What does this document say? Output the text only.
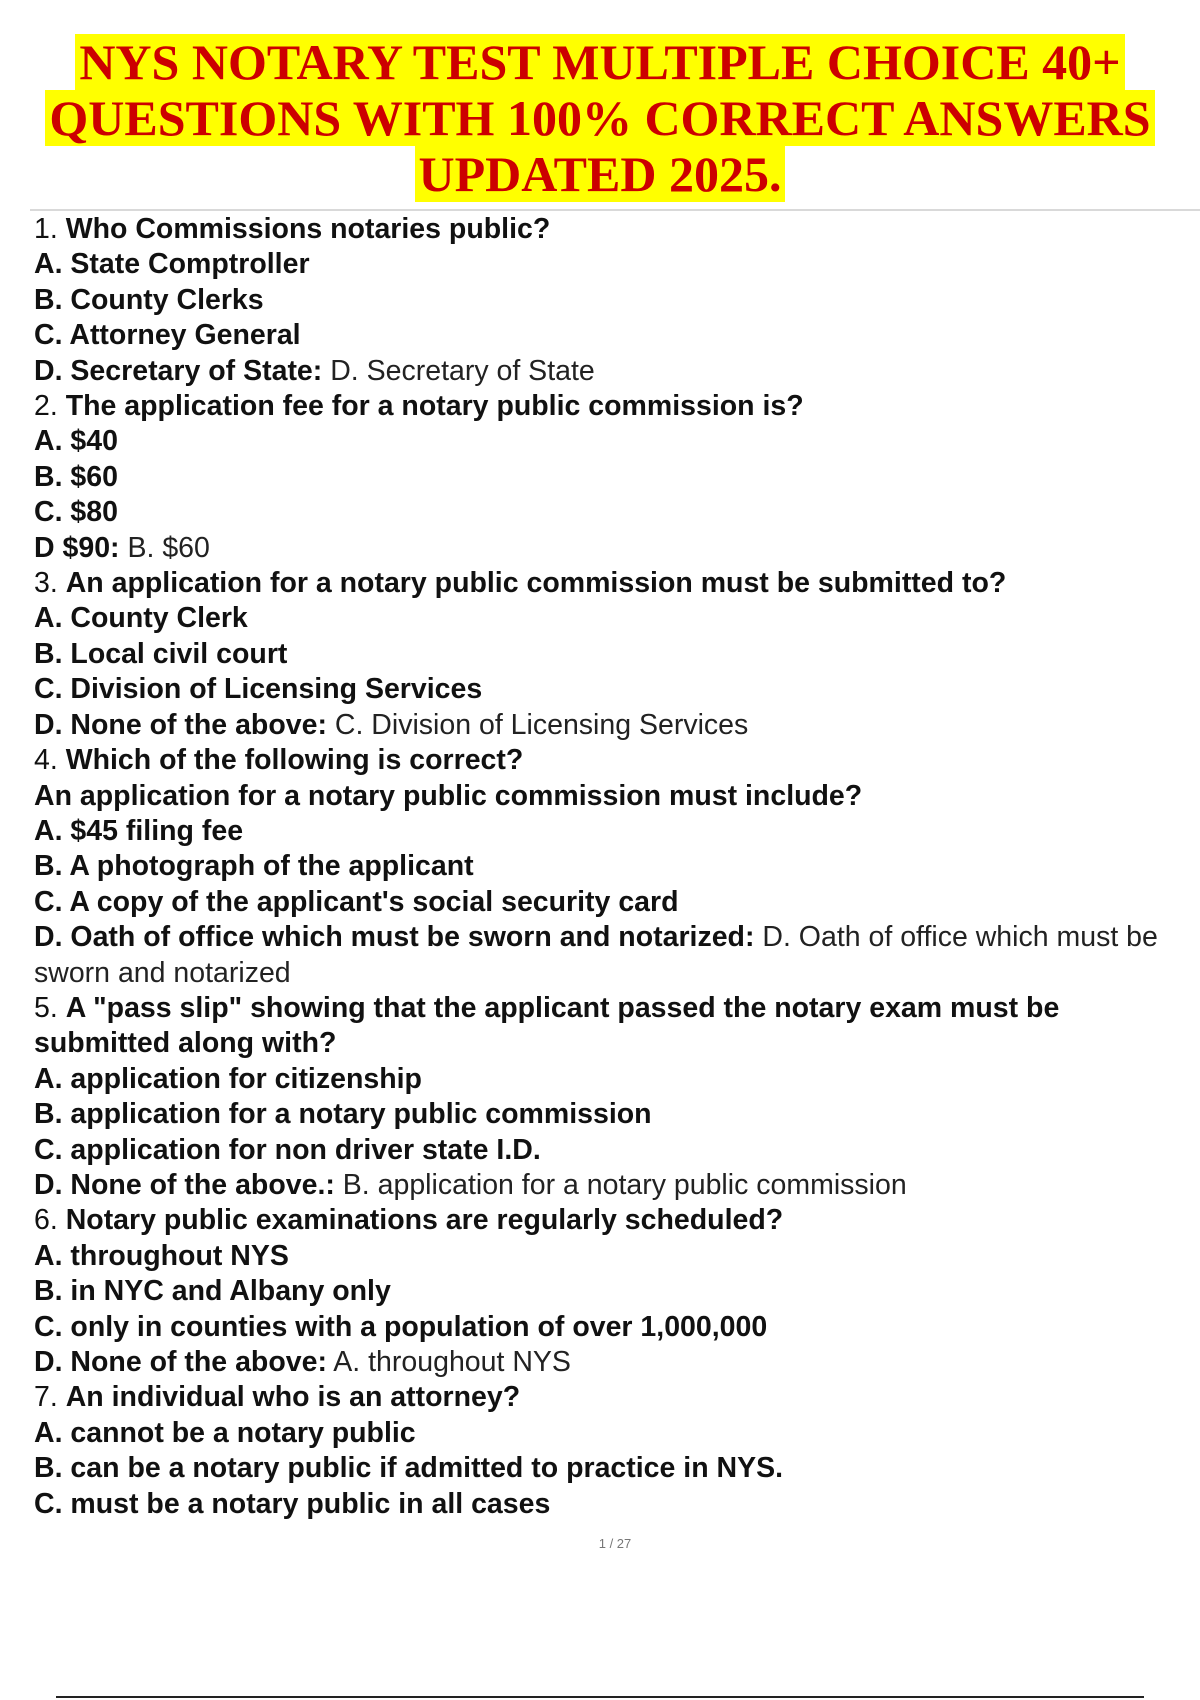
NYS NOTARY TEST MULTIPLE CHOICE 40+
QUESTIONS WITH 100% CORRECT ANSWERS
UPDATED 2025.
1. Who Commissions notaries public?
A. State Comptroller
B. County Clerks
C. Attorney General
D. Secretary of State: D. Secretary of State
2. The application fee for a notary public commission is?
A. $40
B. $60
C. $80
D $90: B. $60
3. An application for a notary public commission must be submitted to?
A. County Clerk
B. Local civil court
C. Division of Licensing Services
D. None of the above: C. Division of Licensing Services
4. Which of the following is correct?
An application for a notary public commission must include?
A. $45 filing fee
B. A photograph of the applicant
C. A copy of the applicant's social security card
D. Oath of office which must be sworn and notarized: D. Oath of office which must be sworn and notarized
5. A "pass slip" showing that the applicant passed the notary exam must be submitted along with?
A. application for citizenship
B. application for a notary public commission
C. application for non driver state I.D.
D. None of the above.: B. application for a notary public commission
6. Notary public examinations are regularly scheduled?
A. throughout NYS
B. in NYC and Albany only
C. only in counties with a population of over 1,000,000
D. None of the above: A. throughout NYS
7. An individual who is an attorney?
A. cannot be a notary public
B. can be a notary public if admitted to practice in NYS.
C. must be a notary public in all cases
1 / 27
